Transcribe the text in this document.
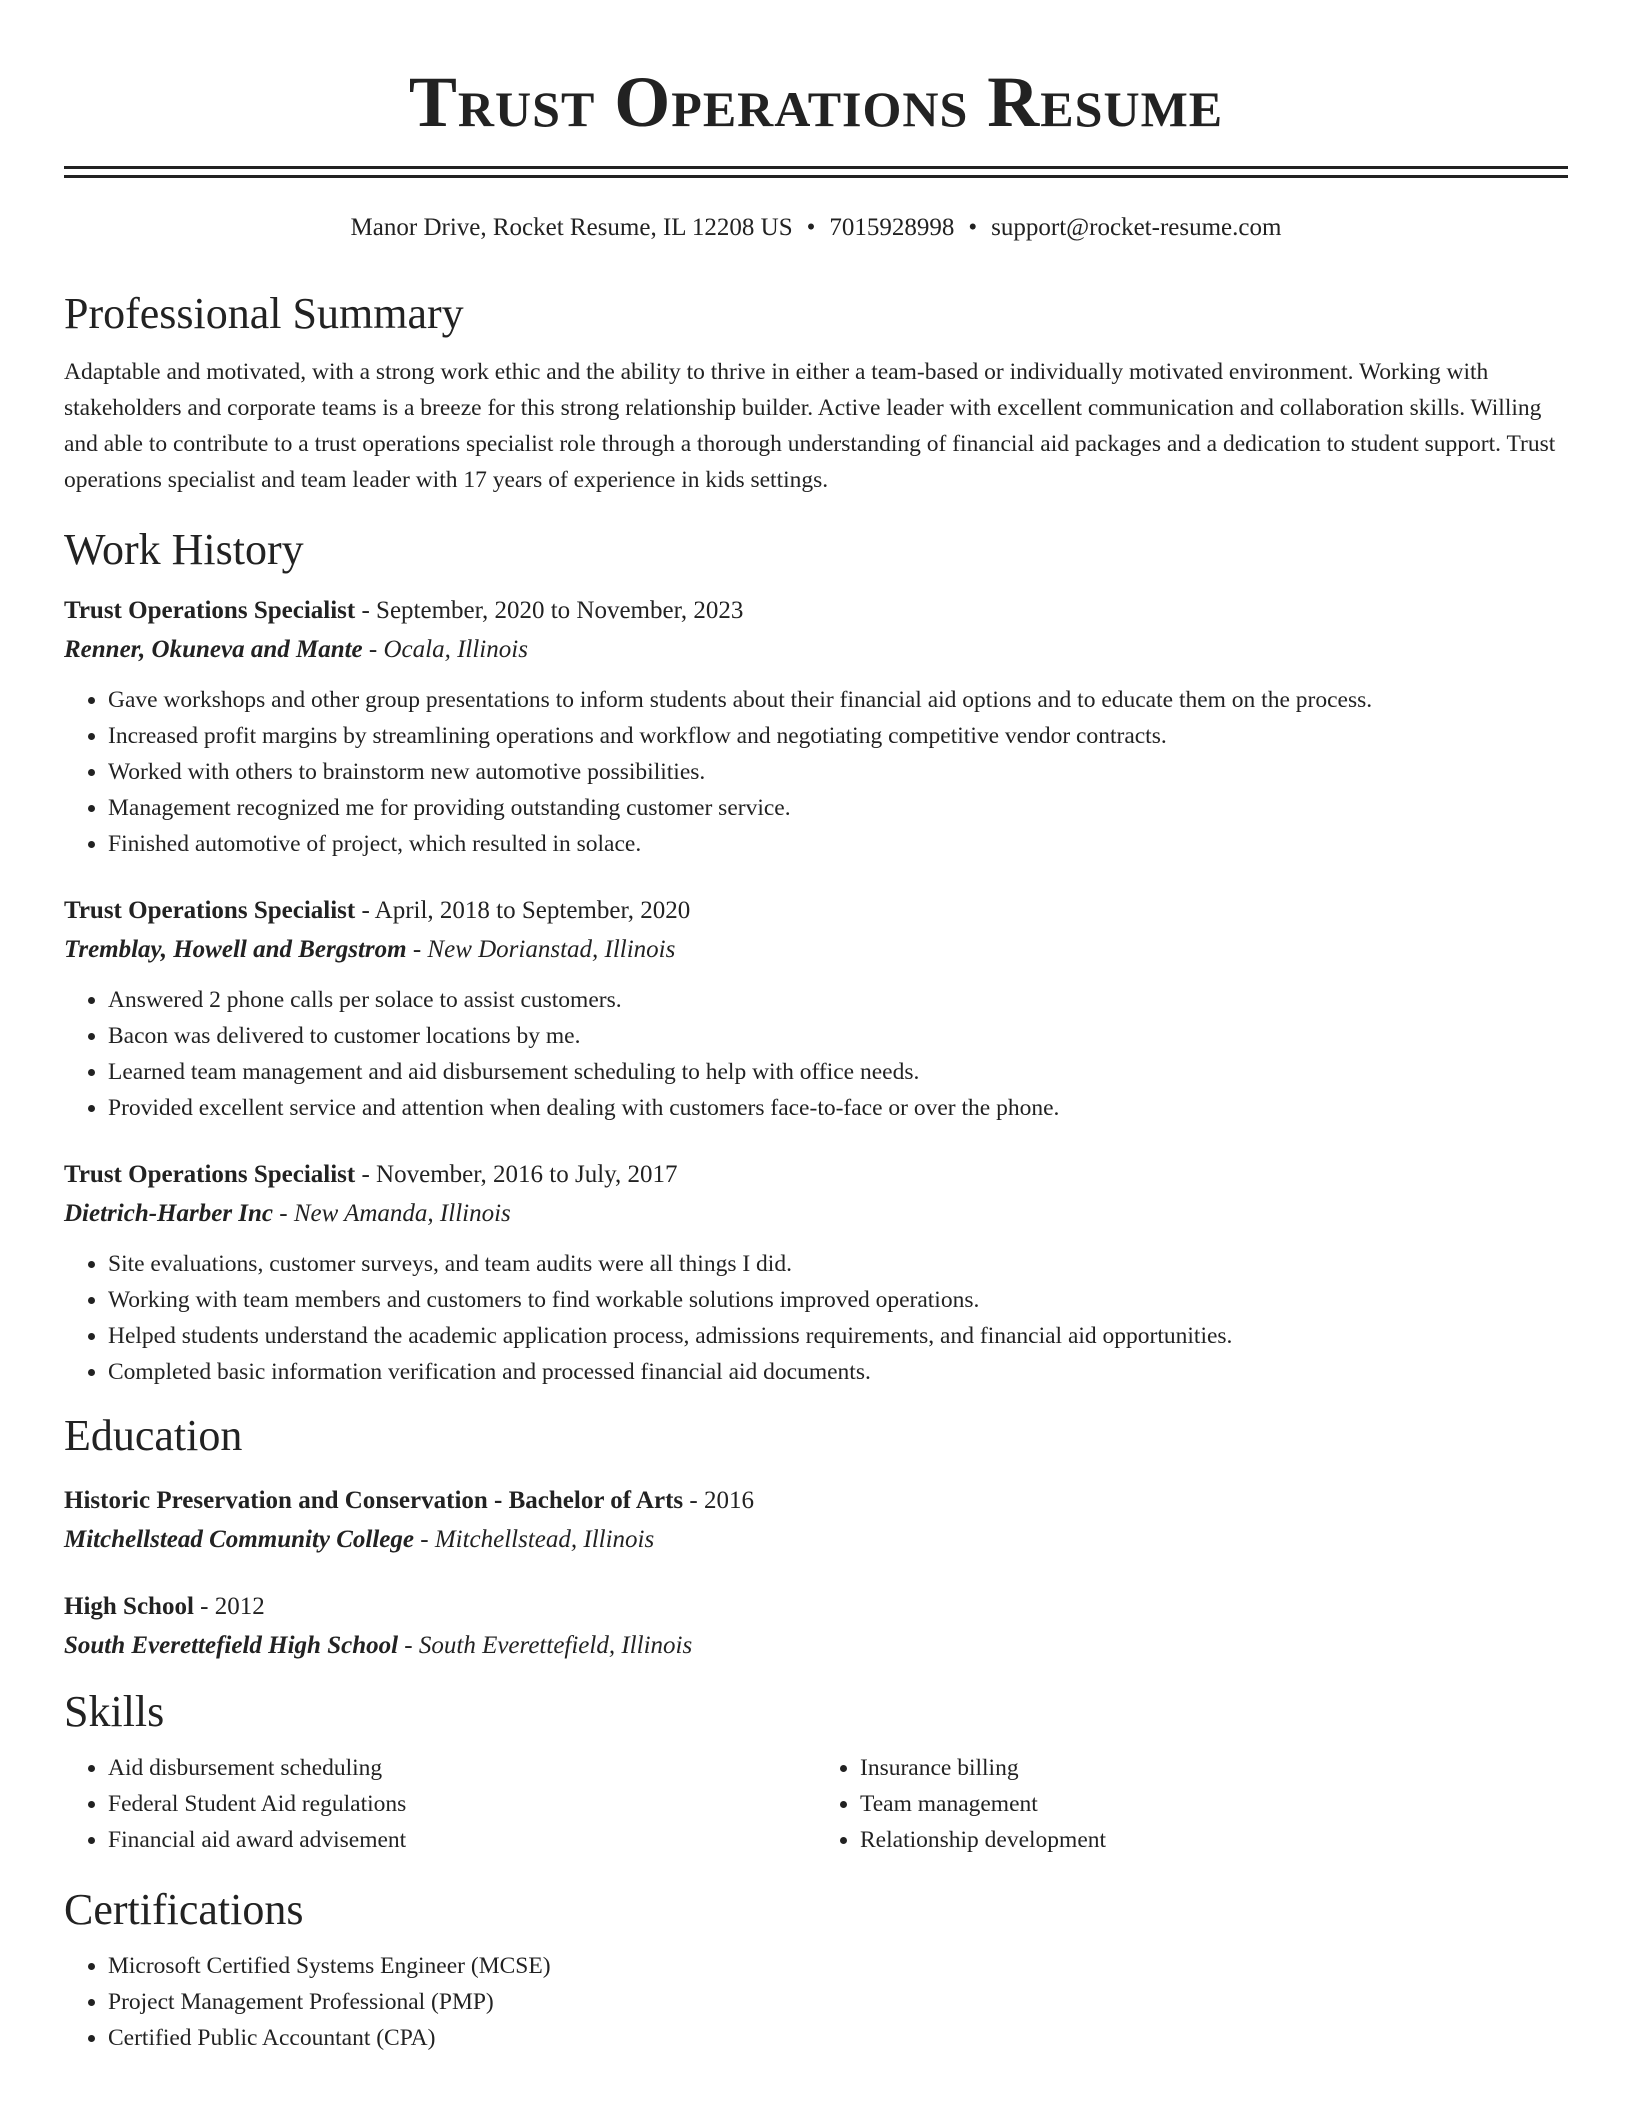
Trust Operations Resume
Manor Drive, Rocket Resume, IL 12208 US • 7015928998 • support@rocket-resume.com
Professional Summary
Adaptable and motivated, with a strong work ethic and the ability to thrive in either a team-based or individually motivated environment. Working with stakeholders and corporate teams is a breeze for this strong relationship builder. Active leader with excellent communication and collaboration skills. Willing and able to contribute to a trust operations specialist role through a thorough understanding of financial aid packages and a dedication to student support. Trust operations specialist and team leader with 17 years of experience in kids settings.
Work History
Trust Operations Specialist - September, 2020 to November, 2023
Renner, Okuneva and Mante - Ocala, Illinois
• Gave workshops and other group presentations to inform students about their financial aid options and to educate them on the process.
• Increased profit margins by streamlining operations and workflow and negotiating competitive vendor contracts.
• Worked with others to brainstorm new automotive possibilities.
• Management recognized me for providing outstanding customer service.
• Finished automotive of project, which resulted in solace.
Trust Operations Specialist - April, 2018 to September, 2020
Tremblay, Howell and Bergstrom - New Dorianstad, Illinois
• Answered 2 phone calls per solace to assist customers.
• Bacon was delivered to customer locations by me.
• Learned team management and aid disbursement scheduling to help with office needs.
• Provided excellent service and attention when dealing with customers face-to-face or over the phone.
Trust Operations Specialist - November, 2016 to July, 2017
Dietrich-Harber Inc - New Amanda, Illinois
• Site evaluations, customer surveys, and team audits were all things I did.
• Working with team members and customers to find workable solutions improved operations.
• Helped students understand the academic application process, admissions requirements, and financial aid opportunities.
• Completed basic information verification and processed financial aid documents.
Education
Historic Preservation and Conservation - Bachelor of Arts - 2016
Mitchellstead Community College - Mitchellstead, Illinois
High School - 2012
South Everettefield High School - South Everettefield, Illinois
Skills
• Aid disbursement scheduling
• Federal Student Aid regulations
• Financial aid award advisement
• Insurance billing
• Team management
• Relationship development
Certifications
• Microsoft Certified Systems Engineer (MCSE)
• Project Management Professional (PMP)
• Certified Public Accountant (CPA)
